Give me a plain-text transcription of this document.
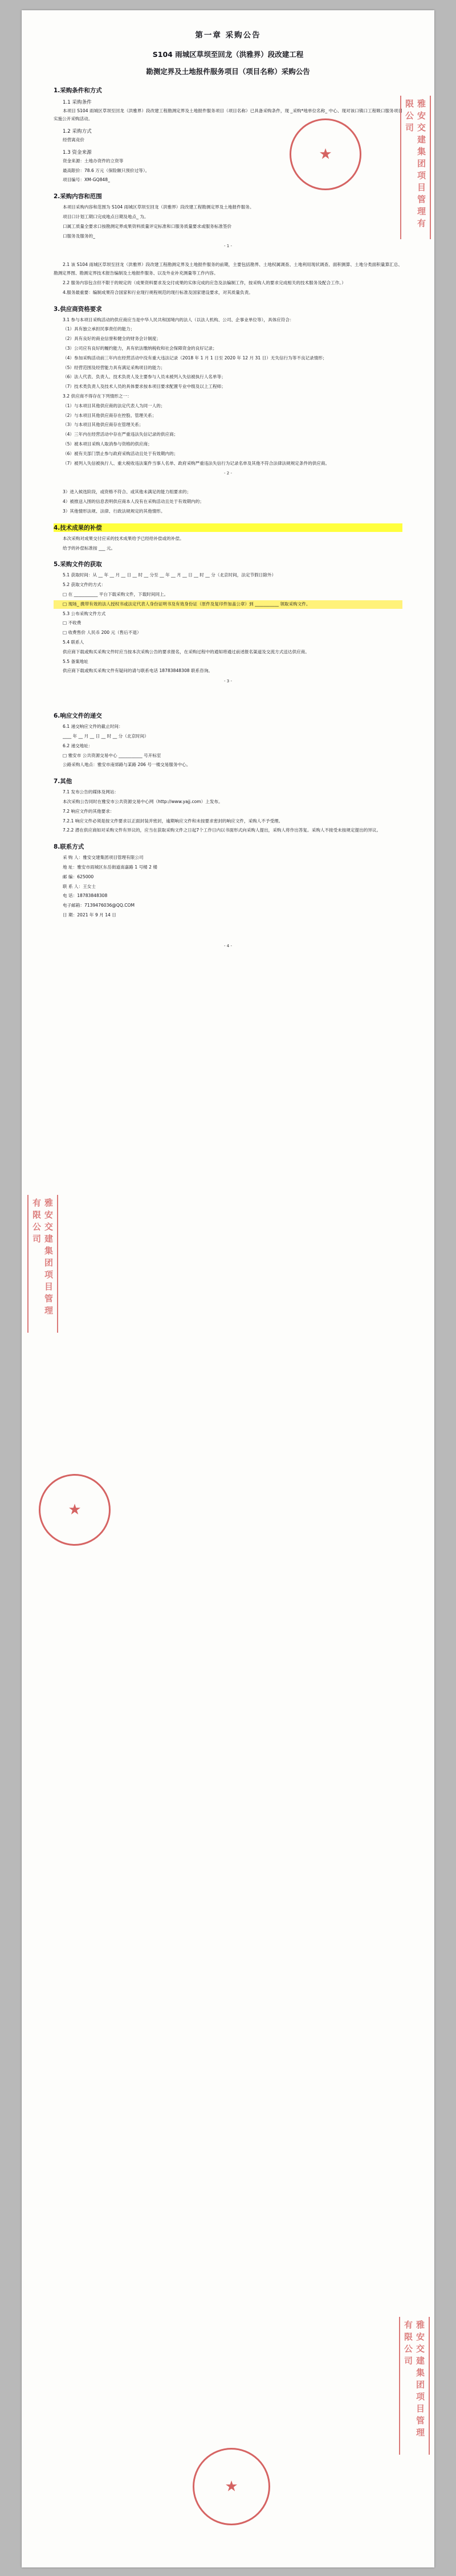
第一章 采购公告
S104 雨城区草坝至回龙（洪雅界）段改建工程
勘测定界及土地报件服务项目（项目名称）采购公告
1.采购条件和方式
1.1 采购条件

本项目 S104 雨城区草坝至回龙（洪雅界）段改建工程勘测定界及土地报件服务项目（项目名称）已具备采购条件，现 _采购*地单位名称_ 中心、现对该口镇口工程吸口服务项目实施公开采购活动。

1.2 采购方式

经营离竞价

1.3 资金来源

资金来源：土地办资件的立资等

最高限价：78.6 万元（保险额只预价过等）。

项目编号：XM-GQ848_

2.采购内容和范围

本项目采购内容和范围为 S104 雨城区草坝至回龙（洪雅界）段改建工程勘测定界及土地报件服务。

项目口计划工期口完成地点日期及地点_ 为。

口属工质量全要求口按勘测定界成果资料质量评定标准和口服务质量要求或服务标准签价

口服务及服务的_

- 1 -

2.1 该 S104 雨城区草坝至回龙（洪雅界）段改建工程勘测定界及土地报件服务的前期，主要包括勘界、土地权属调查、土地利用现状调查、面积测算、土地分类面积量算汇总、勘测定界图、勘测定界技术报告编制及土地报件服务、以及外业补充测量等工作内容。

2.2 服务内容包含但不限于的规定的（成果资料要求及交付成果的实体完成的应急及法编制工作，按采购人的要求完成相关的技术服务及配合工作。）

4.服务最重要：编制成果符合国家和行业现行规程规范的现行标准及国家建设要求，对其质量负责。

3.供应商资格要求

3.1 参与本项目采购活动的供应商应当是中华人民共和国境内的法人（以法人机构、公司、企事业单位等），具体应符合：

（1）具有独立承担民事责任的能力；

（2）具有良好的商业信誉和健全的财务会计制度；

（3）公司应有良好的履约能力，具有依法缴纳税收和社会保障资金的良好记录；

（4）参加采购活动前三年内在经营活动中没有重大违法记录（2018 年 1 月 1 日至 2020 年 12 月 31 日）无失信行为等不良记录情形；

（5）经营范围及经营能力具有满足采购项目的能力；

（6）法人代表、负责人、技术负责人及主要参与人员未被列入失信被执行人名单等；

（7）技术类负责人及技术人员的具体要求按本项目要求配置专业中级及以上工程师；

3.2 供应商不得存在下列情形之一：

（1）与本项目其他供应商的法定代表人为同一人的；

（2）与本项目其他供应商存在控股、管理关系；

（3）与本项目其他供应商存在管理关系；

（4）三年内在经营活动中存在严重违法失信记录的供应商；

（5）被本项目采购人取消参与资格的供应商；

（6）被有关部门禁止参与政府采购活动且处于有效期内的；

（7）被列入失信被执行人、重大税收违法案件当事人名单、政府采购严重违法失信行为记录名单及其他不符合法律法规规定条件的供应商。

- 2 -

3）进入候选阶段，或资格不符合、或其他未满足的能力组要求的；

4）被推送入围的信息表明供应商本人没有在采购活动且处于有效期内的；

3）其他情形法规、法律、行政法规规定的其他情形。

4.技术成果的补偿

本次采购对成果交付应采的技术成果给予已经给补偿或的补偿。

给予的补偿标准按 ___ 元。

5.采购文件的获取

5.1 获取时间：从 __ 年 __ 月 __ 日 __ 时 __ 分至 __ 年 __ 月 __ 日 __ 时 __ 分（北京时间，法定节假日除外）

5.2 获取文件的方式：

□ 在 ___________ 平台下载采购文件，下载时间同上。

□ 现场_ 携带有效的法人授权书或法定代表人身份证明书及有效身份证（原件及复印件加盖公章）到 ___________ 领取采购文件。

5.3 公布采购文件方式

□ 不收费

□ 收费售价 人民币 200 元（售后不退）

5.4 联系人

供应商下载或购买采购文件时应当按本次采购公告的要求报名，在采购过程中的通知将通过前述报名渠道及交流方式送达供应商。

5.5 备案地址

供应商下载或购买采购文件有疑问的请与联系电话 18783848308 联系咨询。

- 3 -
6.响应文件的递交

6.1 递交响应文件的截止时间：

____ 年 __ 月 __ 日 __ 时 __ 分（北京时间）

6.2 递交地址：

□ 雅安市 公共资源交易中心 ___________ 号开标室

公路采购人地点：雅安市南郊路与某路 206 号一楼交易服务中心。

7.其他

7.1 发布公告的媒体及网站：

本次采购公告同时在雅安市公共资源交易中心网（http://www.yajj.com）上发布。

7.2 响应文件的其他要求：

7.2.1 响应文件必须是按文件要求以正面封装并密封，逾期响应文件和未按要求密封的响应文件，采购人不予受理。

7.2.2 潜在供应商如对采购文件有异议的，应当在获取采购文件之日起7个工作日内以书面形式向采购人提出，采购人将作出答复。采购人不接受未按规定提出的异议。

8.联系方式

采 购 人：雅安交建集团项目管理有限公司

地 址：雅安市雨城区东岳街道南嘉路 1 号楼 2 楼

邮 编：625000

联 系 人：王女士

电 话：18783848308

电子邮箱：7139476036@QQ.COM

日 期：2021 年 9 月 14 日

- 4 -
雅安交建集团项目管理有限公司
★
雅安交建集团项目管理有限公司
★
雅安交建集团项目管理有限公司
★
